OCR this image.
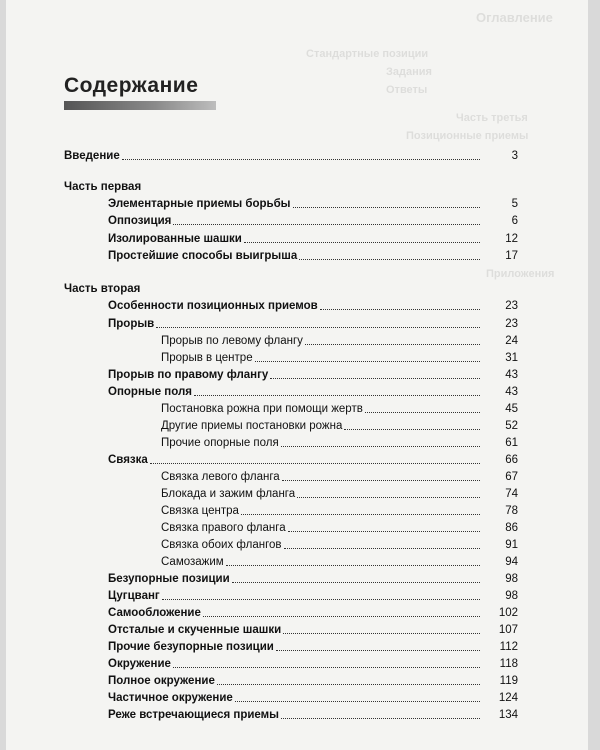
Оглавление
Стандартные позиции
Задания
Ответы
Часть третья
Позиционные приемы
Приложения
Содержание
Введение	3
Часть первая
Элементарные приемы борьбы	5
Оппозиция	6
Изолированные шашки	12
Простейшие способы выигрыша	17
Часть вторая
Особенности позиционных приемов	23
Прорыв	23
Прорыв по левому флангу	24
Прорыв в центре	31
Прорыв по правому флангу	43
Опорные поля	43
Постановка рожна при помощи жертв	45
Другие приемы постановки рожна	52
Прочие опорные поля	61
Связка	66
Связка левого фланга	67
Блокада и зажим фланга	74
Связка центра	78
Связка правого фланга	86
Связка обоих флангов	91
Самозажим	94
Безупорные позиции	98
Цугцванг	98
Самообложение	102
Отсталые и скученные шашки	107
Прочие безупорные позиции	112
Окружение	118
Полное окружение	119
Частичное окружение	124
Реже встречающиеся приемы	134
